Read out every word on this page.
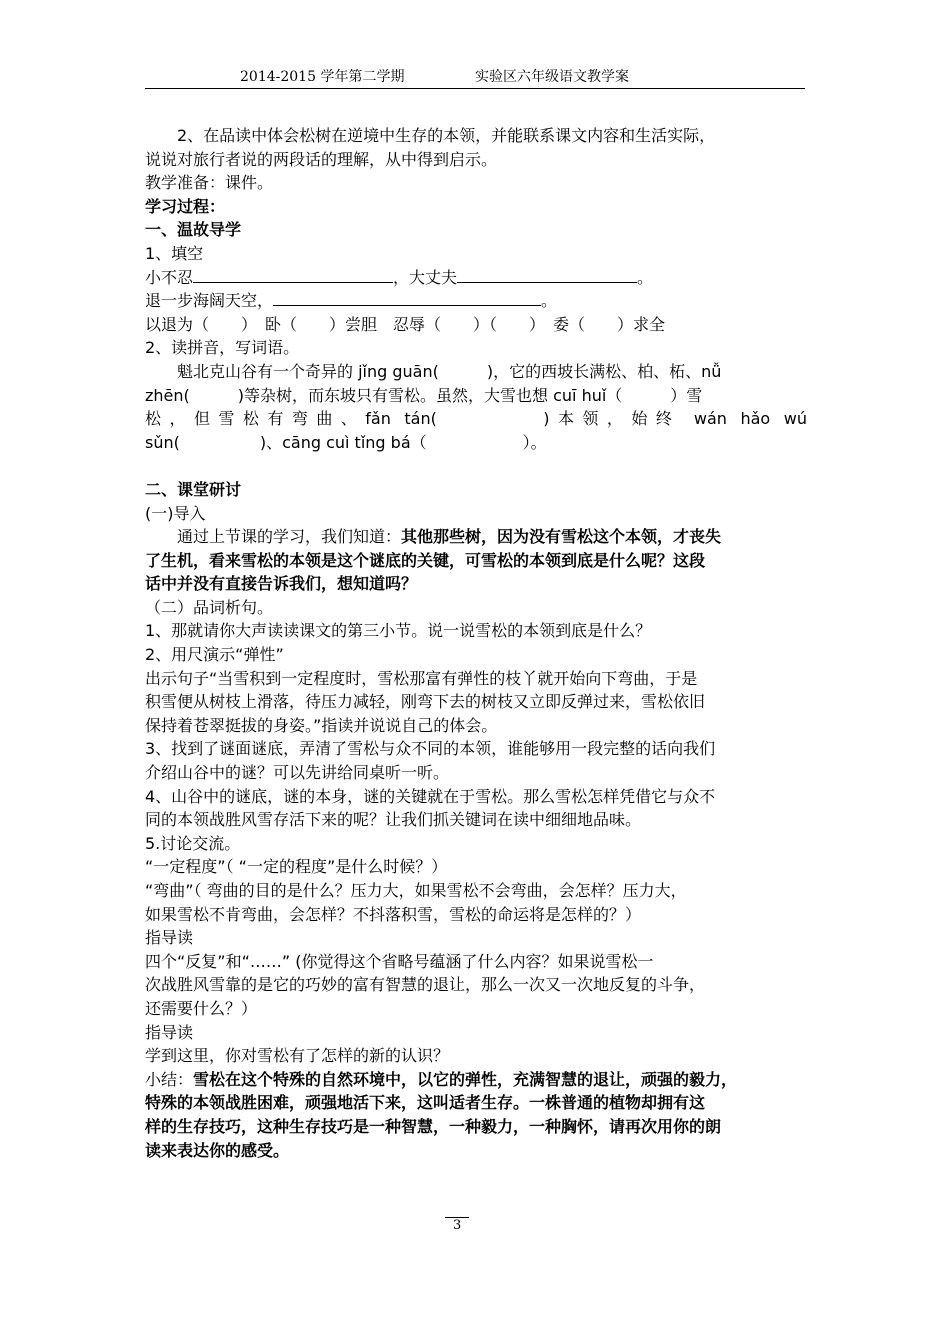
2014-2015 学年第二学期	实验区六年级语文教学案
2、在品读中体会松树在逆境中生存的本领，并能联系课文内容和生活实际，
说说对旅行者说的两段话的理解，从中得到启示。
教学准备：课件。
学习过程：
一、温故导学
1、填空
小不忍	，大丈夫	。
退一步海阔天空，	。
以退为（　　）　卧（　　）尝胆　忍辱（　　）（　　）　委（　　）求全
2、读拼音，写词语。
魁北克山谷有一个奇异的 jǐng guān(　　　)，它的西坡长满松、柏、柘、nǚ
zhēn(　　　)等杂树，而东坡只有雪松。虽然，大雪也想 cuī huǐ（　　　）雪
松，但雪松有弯曲、fǎn tán(　　　　)本领，始终 wán hǎo wú
sǔn(　　　　　)、cāng cuì tǐng bá（　　　　　　）。
二、课堂研讨
(一)导入
通过上节课的学习，我们知道：其他那些树，因为没有雪松这个本领，才丧失
了生机，看来雪松的本领是这个谜底的关键，可雪松的本领到底是什么呢？这段
话中并没有直接告诉我们，想知道吗？
（二）品词析句。
1、那就请你大声读读课文的第三小节。说一说雪松的本领到底是什么？
2、用尺演示“弹性”
出示句子“当雪积到一定程度时，雪松那富有弹性的枝丫就开始向下弯曲，于是
积雪便从树枝上滑落，待压力减轻，刚弯下去的树枝又立即反弹过来，雪松依旧
保持着苍翠挺拔的身姿。”指读并说说自己的体会。
3、找到了谜面谜底，弄清了雪松与众不同的本领，谁能够用一段完整的话向我们
介绍山谷中的谜？可以先讲给同桌听一听。
4、山谷中的谜底，谜的本身，谜的关键就在于雪松。那么雪松怎样凭借它与众不
同的本领战胜风雪存活下来的呢？让我们抓关键词在读中细细地品味。
5.讨论交流。
“一定程度”（ “一定的程度”是什么时候？）
“弯曲”（ 弯曲的目的是什么？压力大，如果雪松不会弯曲，会怎样？压力大，
如果雪松不肯弯曲，会怎样？不抖落积雪，雪松的命运将是怎样的？）
指导读
四个“反复”和“……” (你觉得这个省略号蕴涵了什么内容？如果说雪松一
次战胜风雪靠的是它的巧妙的富有智慧的退让，那么一次又一次地反复的斗争，
还需要什么？）
指导读
学到这里，你对雪松有了怎样的新的认识？
小结：雪松在这个特殊的自然环境中，以它的弹性，充满智慧的退让，顽强的毅力，
特殊的本领战胜困难，顽强地活下来，这叫适者生存。一株普通的植物却拥有这
样的生存技巧，这种生存技巧是一种智慧，一种毅力，一种胸怀，请再次用你的朗
读来表达你的感受。
3
